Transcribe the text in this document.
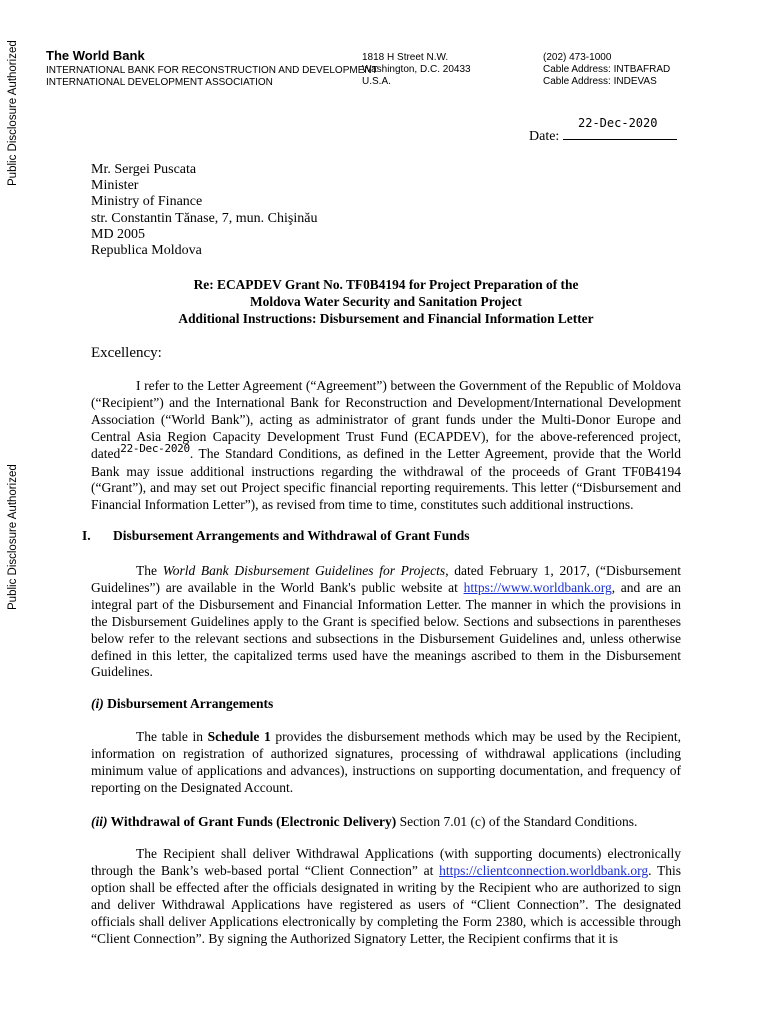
Public Disclosure Authorized
Public Disclosure Authorized
The World Bank
INTERNATIONAL BANK FOR RECONSTRUCTION AND DEVELOPMENT
INTERNATIONAL DEVELOPMENT ASSOCIATION
1818 H Street N.W.
Washington, D.C. 20433
U.S.A.
(202) 473-1000
Cable Address: INTBAFRAD
Cable Address: INDEVAS
22-Dec-2020
Date:
Mr. Sergei Puscata
Minister
Ministry of Finance
str. Constantin Tănase, 7, mun. Chişinău
MD 2005
Republica Moldova
Re: ECAPDEV Grant No. TF0B4194 for Project Preparation of the
Moldova Water Security and Sanitation Project
Additional Instructions: Disbursement and Financial Information Letter
Excellency:
I refer to the Letter Agreement (“Agreement”) between the Government of the Republic of Moldova (“Recipient”) and the International Bank for Reconstruction and Development/International Development Association (“World Bank”), acting as administrator of grant funds under the Multi-Donor Europe and Central Asia Region Capacity Development Trust Fund (ECAPDEV), for the above-referenced project, dated$^{22-Dec-2020}$. The Standard Conditions, as defined in the Letter Agreement, provide that the World Bank may issue additional instructions regarding the withdrawal of the proceeds of Grant TF0B4194 (“Grant”), and may set out Project specific financial reporting requirements. This letter (“Disbursement and Financial Information Letter”), as revised from time to time, constitutes such additional instructions.
I. Disbursement Arrangements and Withdrawal of Grant Funds
The World Bank Disbursement Guidelines for Projects, dated February 1, 2017, (“Disbursement Guidelines”) are available in the World Bank's public website at https://www.worldbank.org, and are an integral part of the Disbursement and Financial Information Letter. The manner in which the provisions in the Disbursement Guidelines apply to the Grant is specified below. Sections and subsections in parentheses below refer to the relevant sections and subsections in the Disbursement Guidelines and, unless otherwise defined in this letter, the capitalized terms used have the meanings ascribed to them in the Disbursement Guidelines.
(i) Disbursement Arrangements
The table in Schedule 1 provides the disbursement methods which may be used by the Recipient, information on registration of authorized signatures, processing of withdrawal applications (including minimum value of applications and advances), instructions on supporting documentation, and frequency of reporting on the Designated Account.
(ii) Withdrawal of Grant Funds (Electronic Delivery) Section 7.01 (c) of the Standard Conditions.
The Recipient shall deliver Withdrawal Applications (with supporting documents) electronically through the Bank’s web-based portal “Client Connection” at https://clientconnection.worldbank.org. This option shall be effected after the officials designated in writing by the Recipient who are authorized to sign and deliver Withdrawal Applications have registered as users of “Client Connection”. The designated officials shall deliver Applications electronically by completing the Form 2380, which is accessible through “Client Connection”. By signing the Authorized Signatory Letter, the Recipient confirms that it is
